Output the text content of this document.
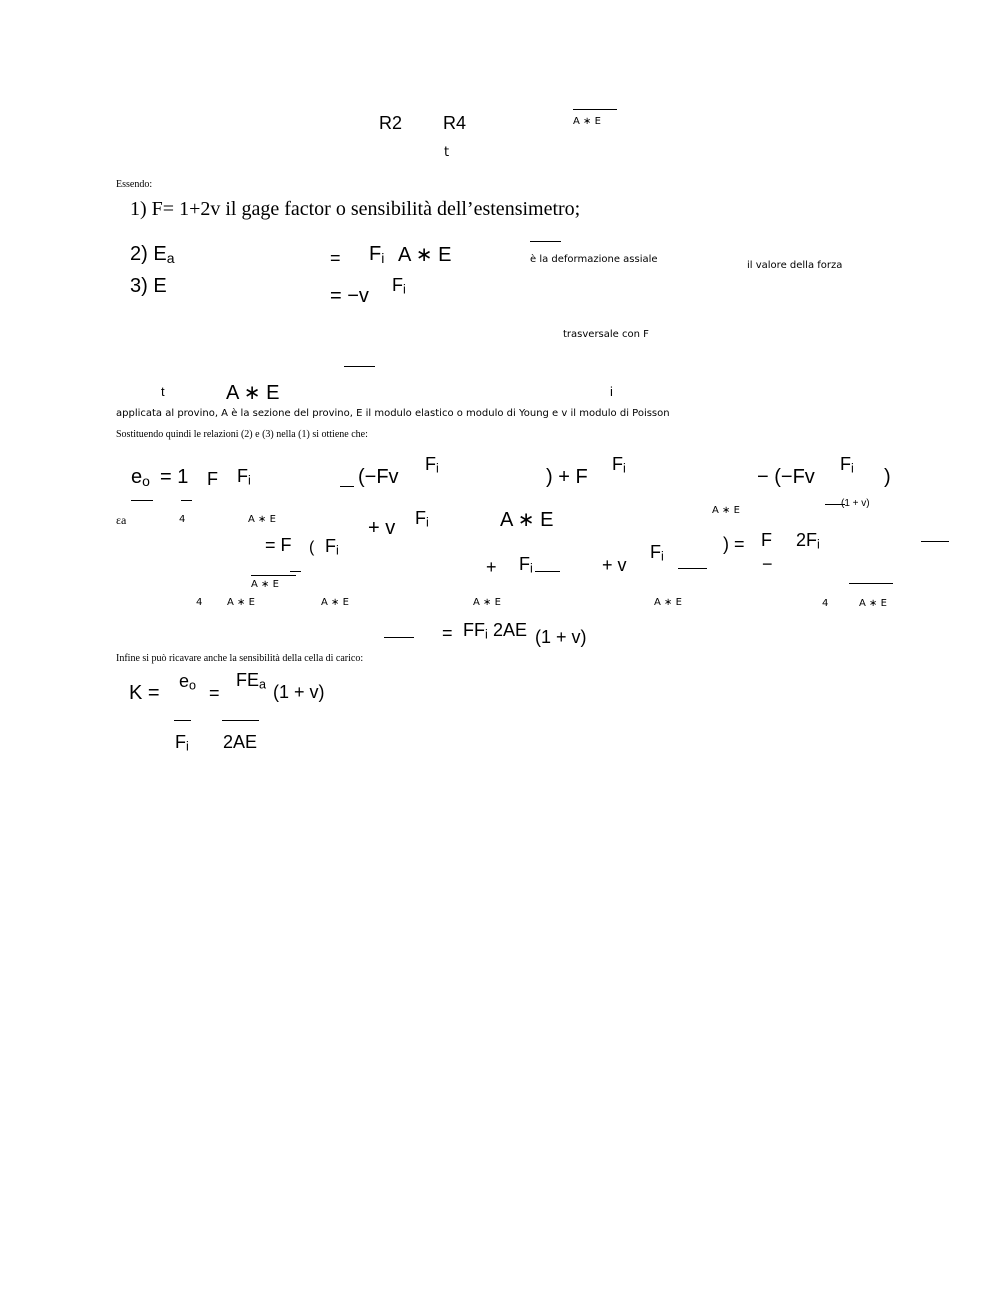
R2 R4	A ∗ E
t
Essendo:
1) F= 1+2v il gage factor o sensibilità dell’estensimetro;
2) $E_a$	= $F_i$ A ∗ E	è la deformazione assiale
il valore della forza
3) E	= −v $F_i$
trasversale con F
t	A ∗ E	i
applicata al provino, A è la sezione del provino, E il modulo elastico o modulo di Young e v il modulo di Poisson
Sostituendo quindi le relazioni (2) e (3) nella (1) si ottiene che:
$e_o = 1$ F $F_i$	(−Fv
$F_i$	) + F
$F_i$	− (−Fv
$F_i$ )
εa	4	A ∗ E	+ v $F_i$	A ∗ E	A ∗ E
(1 + v)
= F ( $F_i$
+ $F_i$	+ v
$F_i$
) = F $2F_i$
−
A ∗ E
4 A ∗ E	A ∗ E	A ∗ E	A ∗ E	4	A ∗ E
= $FF_i$ 2AE (1 + v)
Infine si può ricavare anche la sensibilità della cella di carico:
K =
$e_o$ =
$FE_a$ (1 + v)
$F_i$ 2AE
